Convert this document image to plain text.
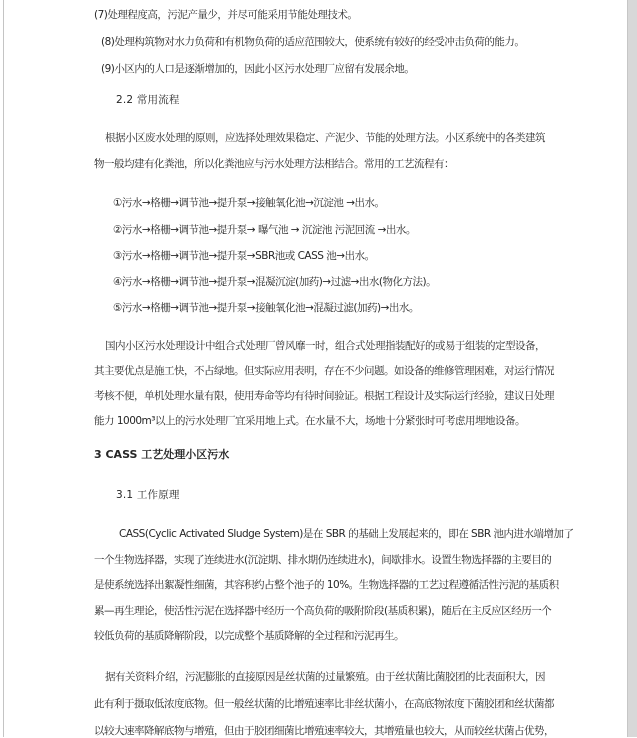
(7)处理程度高，污泥产量少，并尽可能采用节能处理技术。
(8)处理构筑物对水力负荷和有机物负荷的适应范围较大，使系统有较好的经受冲击负荷的能力。
(9)小区内的人口是逐渐增加的，因此小区污水处理厂应留有发展余地。
2.2 常用流程
根据小区废水处理的原则，应选择处理效果稳定、产泥少、节能的处理方法。小区系统中的各类建筑
物一般均建有化粪池，所以化粪池应与污水处理方法相结合。常用的工艺流程有：
①污水→格栅→调节池→提升泵→接触氧化池→沉淀池 →出水。
②污水→格栅→调节池→提升泵→ 曝气池 → 沉淀池 污泥回流 →出水。
③污水→格栅→调节池→提升泵→SBR池或 CASS 池→出水。
④污水→格栅→调节池→提升泵→混凝沉淀(加药)→过滤→出水(物化方法)。
⑤污水→格栅→调节池→提升泵→接触氧化池→混凝过滤(加药)→出水。
国内小区污水处理设计中组合式处理厂曾风靡一时，组合式处理指装配好的或易于组装的定型设备，
其主要优点是施工快，不占绿地。但实际应用表明，存在不少问题。如设备的维修管理困难，对运行情况
考核不便，单机处理水量有限，使用寿命等均有待时间验证。根据工程设计及实际运行经验，建议日处理
能力 1000m³以上的污水处理厂宜采用地上式。在水量不大，场地十分紧张时可考虑用埋地设备。
3 CASS 工艺处理小区污水
3.1 工作原理
CASS(Cyclic Activated Sludge System)是在 SBR 的基础上发展起来的，即在 SBR 池内进水端增加了
一个生物选择器，实现了连续进水(沉淀期、排水期仍连续进水)，间歇排水。设置生物选择器的主要目的
是使系统选择出絮凝性细菌，其容积约占整个池子的 10%。生物选择器的工艺过程遵循活性污泥的基质积
累—再生理论，使活性污泥在选择器中经历一个高负荷的吸附阶段(基质积累)，随后在主反应区经历一个
较低负荷的基质降解阶段，以完成整个基质降解的全过程和污泥再生。
据有关资料介绍，污泥膨胀的直接原因是丝状菌的过量繁殖。由于丝状菌比菌胶团的比表面积大，因
此有利于摄取低浓度底物。但一般丝状菌的比增殖速率比非丝状菌小，在高底物浓度下菌胶团和丝状菌都
以较大速率降解底物与增殖，但由于胶团细菌比增殖速率较大，其增殖量也较大，从而较丝状菌占优势，
